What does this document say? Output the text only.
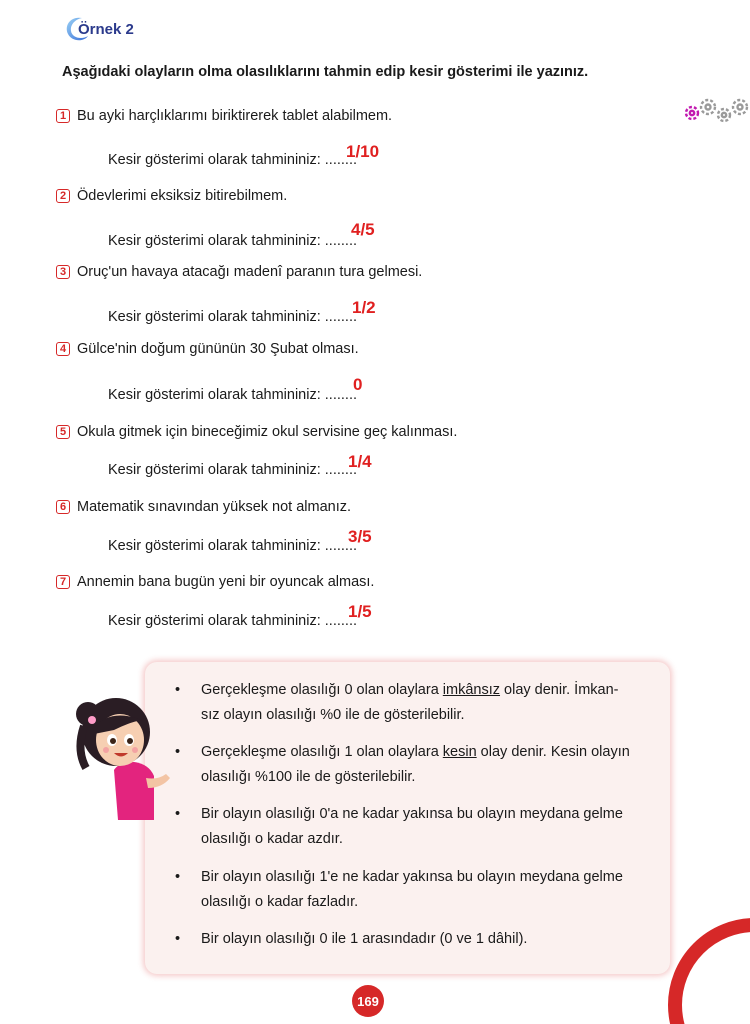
Örnek 2
Aşağıdaki olayların olma olasılıklarını tahmin edip kesir gösterimi ile yazınız.
1 Bu ayki harçlıklarımı biriktirerek tablet alabilmem.
Kesir gösterimi olarak tahmininiz: ........
1/10
2 Ödevlerimi eksiksiz bitirebilmem.
Kesir gösterimi olarak tahmininiz: ........
4/5
3 Oruç'un havaya atacağı madenî paranın tura gelmesi.
Kesir gösterimi olarak tahmininiz: ........
1/2
4 Gülce'nin doğum gününün 30 Şubat olması.
Kesir gösterimi olarak tahmininiz: ........
0
5 Okula gitmek için bineceğimiz okul servisine geç kalınması.
Kesir gösterimi olarak tahmininiz: ........
1/4
6 Matematik sınavından yüksek not almanız.
Kesir gösterimi olarak tahmininiz: ........
3/5
7 Annemin bana bugün yeni bir oyuncak alması.
Kesir gösterimi olarak tahmininiz: ........
1/5
• Gerçekleşme olasılığı 0 olan olaylara imkânsız olay denir. İmkan-
sız olayın olasılığı %0 ile de gösterilebilir.
• Gerçekleşme olasılığı 1 olan olaylara kesin olay denir. Kesin olayın
olasılığı %100 ile de gösterilebilir.
• Bir olayın olasılığı 0'a ne kadar yakınsa bu olayın meydana gelme
olasılığı o kadar azdır.
• Bir olayın olasılığı 1'e ne kadar yakınsa bu olayın meydana gelme
olasılığı o kadar fazladır.
• Bir olayın olasılığı 0 ile 1 arasındadır (0 ve 1 dâhil).
169
